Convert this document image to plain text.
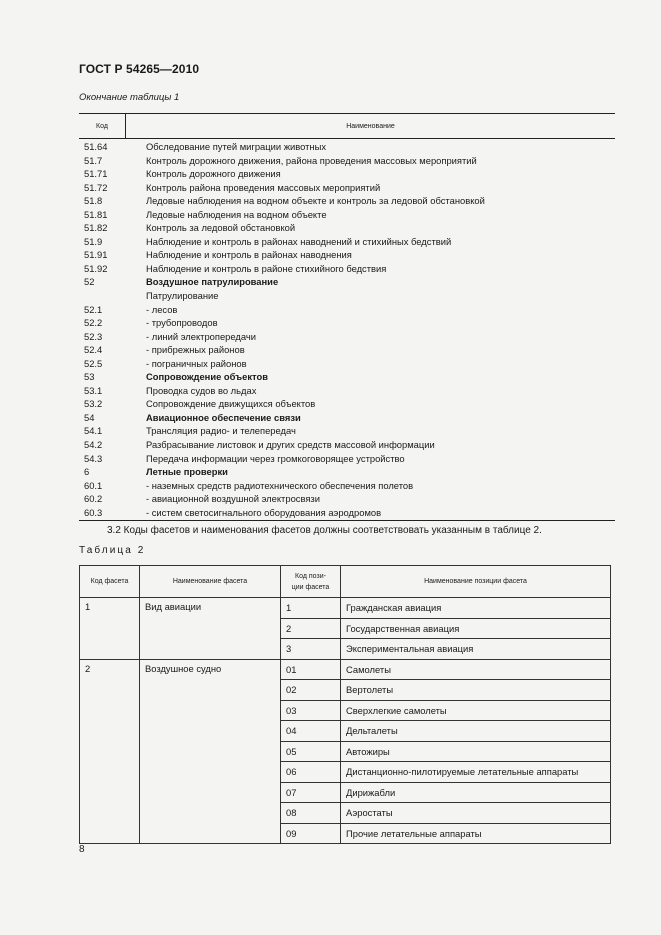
ГОСТ Р 54265—2010
Окончание таблицы 1
Код	Наименование
51.64	Обследование путей миграции животных
51.7	Контроль дорожного движения, района проведения массовых мероприятий
51.71	Контроль дорожного движения
51.72	Контроль района проведения массовых мероприятий
51.8	Ледовые наблюдения на водном объекте и контроль за ледовой обстановкой
51.81	Ледовые наблюдения на водном объекте
51.82	Контроль за ледовой обстановкой
51.9	Наблюдение и контроль в районах наводнений и стихийных бедствий
51.91	Наблюдение и контроль в районах наводнения
51.92	Наблюдение и контроль в районе стихийного бедствия
52	Воздушное патрулирование
Патрулирование
52.1	- лесов
52.2	- трубопроводов
52.3	- линий электропередачи
52.4	- прибрежных районов
52.5	- пограничных районов
53	Сопровождение объектов
53.1	Проводка судов во льдах
53.2	Сопровождение движущихся объектов
54	Авиационное обеспечение связи
54.1	Трансляция радио- и телепередач
54.2	Разбрасывание листовок и других средств массовой информации
54.3	Передача информации через громкоговорящее устройство
6	Летные проверки
60.1	- наземных средств радиотехнического обеспечения полетов
60.2	- авиационной воздушной электросвязи
60.3	- систем светосигнального оборудования аэродромов
3.2 Коды фасетов и наименования фасетов должны соответствовать указанным в таблице 2.
Таблица 2
Код фасета	Наименование фасета	Код пози-
ции фасета	Наименование позиции фасета
1	Вид авиации	1	Гражданская авиация
		2	Государственная авиация
		3	Экспериментальная авиация
2	Воздушное судно	01	Самолеты
		02	Вертолеты
		03	Сверхлегкие самолеты
		04	Дельталеты
		05	Автожиры
		06	Дистанционно-пилотируемые летательные аппараты
		07	Дирижабли
		08	Аэростаты
		09	Прочие летательные аппараты
8
